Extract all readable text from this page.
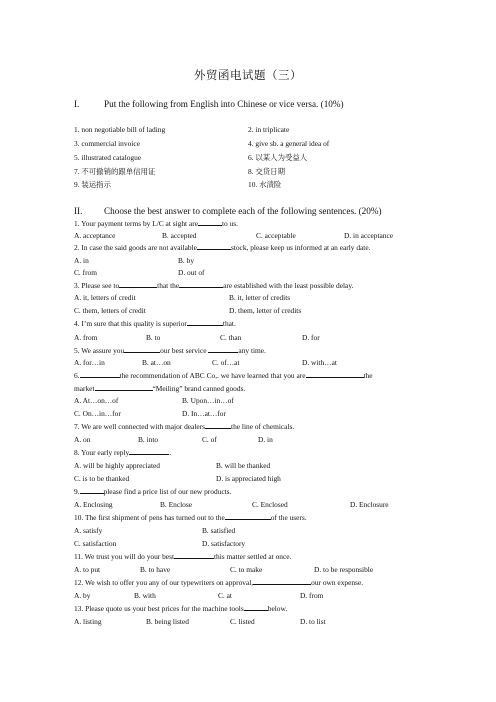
外贸函电试题（三）
I.	Put the following from English into Chinese or vice versa. (10%)
1. non negotiable bill of lading	2. in triplicate
3. commercial invoice	4. give sb. a general idea of
5. illustrated catalogue	6. 以某人为受益人
7. 不可撤销的跟单信用证	8. 交货日期
9. 装运指示	10. 水渍险
II. Choose the best answer to complete each of the following sentences. (20%)
1. Your payment terms by L/C at sight are	to us.
A. acceptance	B. accepted	C. acceptable	D. in acceptance
2. In case the said goods are not available	stock, please keep us informed at an early date.
A. in	B. by
C. from	D. out of
3. Please see to	that the	are established with the least possible delay.
A. it, letters of credit	B. it, letter of credits
C. them, letters of credit	D. them, letter of credits
4. I’m sure that this quality is superior	that.
A. from	B. to	C. than	D. for
5. We assure you	our best service	any time.
A. for…in	B. at…on	C. of…at	D. with…at
6.	the recommendation of ABC Co,. we have learned that you are	the
market	“Meiling” brand canned goods.
A. At…on…of	B. Upon…in…of
C. On…in…for	D. In…at…for
7. We are well connected with major dealers	the line of chemicals.
A. on	B. into	C. of	D. in
8. Your early reply	.
A. will be highly appreciated	B. will be thanked
C. is to be thanked	D. is appreciated high
9.	please find a price list of our new products.
A. Enclosing	B. Enclose	C. Enclosed	D. Enclosure
10. The first shipment of pens has turned out to the	of the users.
A. satisfy	B. satisfied
C. satisfaction	D. satisfactory
11. We trust you will do your best	this matter settled at once.
A. to put	B. to have	C. to make	D. to be responsible
12. We wish to offer you any of our typewriters on approval,	our own expense.
A. by	B. with	C. at	D. from
13. Please quote us your best prices for the machine tools	below.
A. listing	B. being listed	C. listed	D. to list
